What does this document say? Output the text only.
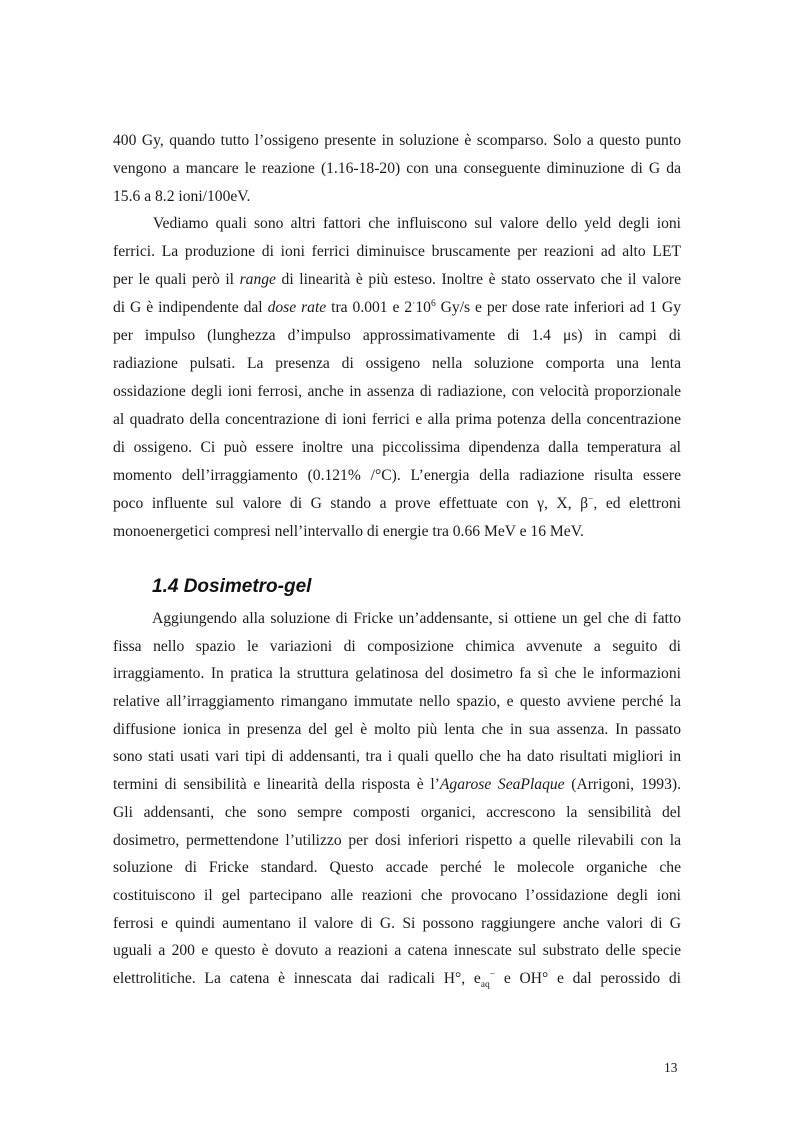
400 Gy, quando tutto l’ossigeno presente in soluzione è scomparso. Solo a questo punto
vengono a mancare le reazione (1.16-18-20) con una conseguente diminuzione di G da
15.6 a 8.2 ioni/100eV.
Vediamo quali sono altri fattori che influiscono sul valore dello yeld degli ioni
ferrici. La produzione di ioni ferrici diminuisce bruscamente per reazioni ad alto LET
per le quali però il range di linearità è più esteso. Inoltre è stato osservato che il valore
di G è indipendente dal dose rate tra 0.001 e $2^\cdot 10^6$ Gy/s e per dose rate inferiori ad 1 Gy
per impulso (lunghezza d’impulso approssimativamente di 1.4 μs) in campi di
radiazione pulsati. La presenza di ossigeno nella soluzione comporta una lenta
ossidazione degli ioni ferrosi, anche in assenza di radiazione, con velocità proporzionale
al quadrato della concentrazione di ioni ferrici e alla prima potenza della concentrazione
di ossigeno. Ci può essere inoltre una piccolissima dipendenza dalla temperatura al
momento dell’irraggiamento (0.121% /°C). L’energia della radiazione risulta essere
poco influente sul valore di G stando a prove effettuate con γ, X, β−, ed elettroni
monoenergetici compresi nell’intervallo di energie tra 0.66 MeV e 16 MeV.
1.4 Dosimetro-gel
Aggiungendo alla soluzione di Fricke un’addensante, si ottiene un gel che di fatto
fissa nello spazio le variazioni di composizione chimica avvenute a seguito di
irraggiamento. In pratica la struttura gelatinosa del dosimetro fa sì che le informazioni
relative all’irraggiamento rimangano immutate nello spazio, e questo avviene perché la
diffusione ionica in presenza del gel è molto più lenta che in sua assenza. In passato
sono stati usati vari tipi di addensanti, tra i quali quello che ha dato risultati migliori in
termini di sensibilità e linearità della risposta è l’Agarose SeaPlaque (Arrigoni, 1993).
Gli addensanti, che sono sempre composti organici, accrescono la sensibilità del
dosimetro, permettendone l’utilizzo per dosi inferiori rispetto a quelle rilevabili con la
soluzione di Fricke standard. Questo accade perché le molecole organiche che
costituiscono il gel partecipano alle reazioni che provocano l’ossidazione degli ioni
ferrosi e quindi aumentano il valore di G. Si possono raggiungere anche valori di G
uguali a 200 e questo è dovuto a reazioni a catena innescate sul substrato delle specie
elettrolitiche. La catena è innescata dai radicali H°, $e_{aq}^-$ e OH° e dal perossido di
13
